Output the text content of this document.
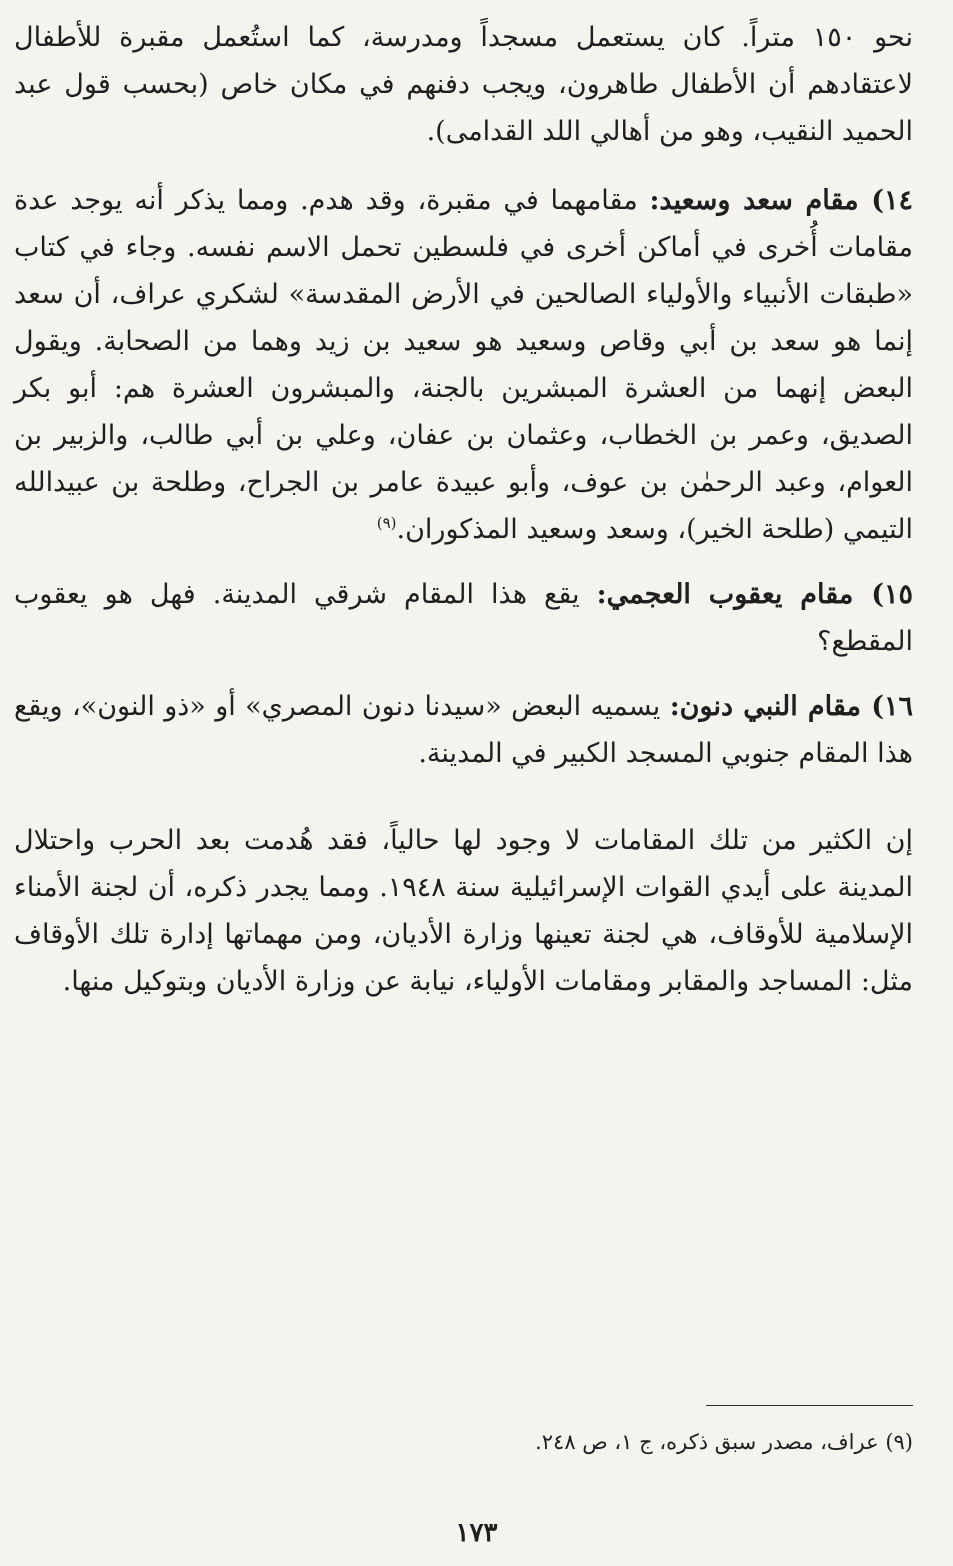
نحو ١٥٠ متراً. كان يستعمل مسجداً ومدرسة، كما استُعمل مقبرة للأطفال لاعتقادهم أن الأطفال طاهرون، ويجب دفنهم في مكان خاص (بحسب قول عبد الحميد النقيب، وهو من أهالي اللد القدامى).

١٤) مقام سعد وسعيد: مقامهما في مقبرة، وقد هدم. ومما يذكر أنه يوجد عدة مقامات أُخرى في أماكن أخرى في فلسطين تحمل الاسم نفسه. وجاء في كتاب «طبقات الأنبياء والأولياء الصالحين في الأرض المقدسة» لشكري عراف، أن سعد إنما هو سعد بن أبي وقاص وسعيد هو سعيد بن زيد وهما من الصحابة. ويقول البعض إنهما من العشرة المبشرين بالجنة، والمبشرون العشرة هم: أبو بكر الصديق، وعمر بن الخطاب، وعثمان بن عفان، وعلي بن أبي طالب، والزبير بن العوام، وعبد الرحمٰن بن عوف، وأبو عبيدة عامر بن الجراح، وطلحة بن عبيدالله التيمي (طلحة الخير)، وسعد وسعيد المذكوران.$^{(٩)}$

١٥) مقام يعقوب العجمي: يقع هذا المقام شرقي المدينة. فهل هو يعقوب المقطع؟

١٦) مقام النبي دنون: يسميه البعض «سيدنا دنون المصري» أو «ذو النون»، ويقع هذا المقام جنوبي المسجد الكبير في المدينة.

إن الكثير من تلك المقامات لا وجود لها حالياً، فقد هُدمت بعد الحرب واحتلال المدينة على أيدي القوات الإسرائيلية سنة ١٩٤٨. ومما يجدر ذكره، أن لجنة الأمناء الإسلامية للأوقاف، هي لجنة تعينها وزارة الأديان، ومن مهماتها إدارة تلك الأوقاف مثل: المساجد والمقابر ومقامات الأولياء، نيابة عن وزارة الأديان وبتوكيل منها.

(٩) عراف، مصدر سبق ذكره، ج ١، ص ٢٤٨.

١٧٣
